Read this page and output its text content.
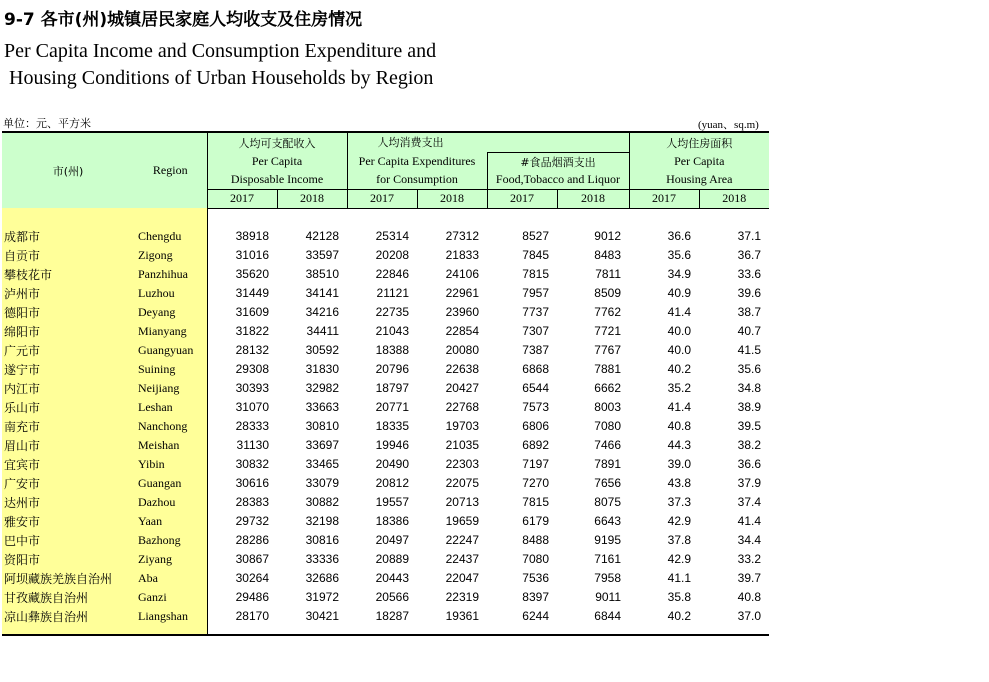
9-7 各市(州)城镇居民家庭人均收支及住房情况
Per Capita Income and Consumption Expenditure and
Housing Conditions of Urban Households by Region
单位：元、平方米	(yuan、sq.m)
市(州)	Region	人均可支配收入		人均消费支出				人均住房面积	
		Per Capita		Per Capita Expenditures		#食品烟酒支出		Per Capita	
		Disposable Income		for Consumption		Food,Tobacco and Liquor		Housing Area	
		2017	2018	2017	2018	2017	2018	2017	2018

成都市	Chengdu	38918	42128	25314	27312	8527	9012	36.6	37.1
自贡市	Zigong	31016	33597	20208	21833	7845	8483	35.6	36.7
攀枝花市	Panzhihua	35620	38510	22846	24106	7815	7811	34.9	33.6
泸州市	Luzhou	31449	34141	21121	22961	7957	8509	40.9	39.6
德阳市	Deyang	31609	34216	22735	23960	7737	7762	41.4	38.7
绵阳市	Mianyang	31822	34411	21043	22854	7307	7721	40.0	40.7
广元市	Guangyuan	28132	30592	18388	20080	7387	7767	40.0	41.5
遂宁市	Suining	29308	31830	20796	22638	6868	7881	40.2	35.6
内江市	Neijiang	30393	32982	18797	20427	6544	6662	35.2	34.8
乐山市	Leshan	31070	33663	20771	22768	7573	8003	41.4	38.9
南充市	Nanchong	28333	30810	18335	19703	6806	7080	40.8	39.5
眉山市	Meishan	31130	33697	19946	21035	6892	7466	44.3	38.2
宜宾市	Yibin	30832	33465	20490	22303	7197	7891	39.0	36.6
广安市	Guangan	30616	33079	20812	22075	7270	7656	43.8	37.9
达州市	Dazhou	28383	30882	19557	20713	7815	8075	37.3	37.4
雅安市	Yaan	29732	32198	18386	19659	6179	6643	42.9	41.4
巴中市	Bazhong	28286	30816	20497	22247	8488	9195	37.8	34.4
资阳市	Ziyang	30867	33336	20889	22437	7080	7161	42.9	33.2
阿坝藏族羌族自治州	Aba	30264	32686	20443	22047	7536	7958	41.1	39.7
甘孜藏族自治州	Ganzi	29486	31972	20566	22319	8397	9011	35.8	40.8
凉山彝族自治州	Liangshan	28170	30421	18287	19361	6244	6844	40.2	37.0
